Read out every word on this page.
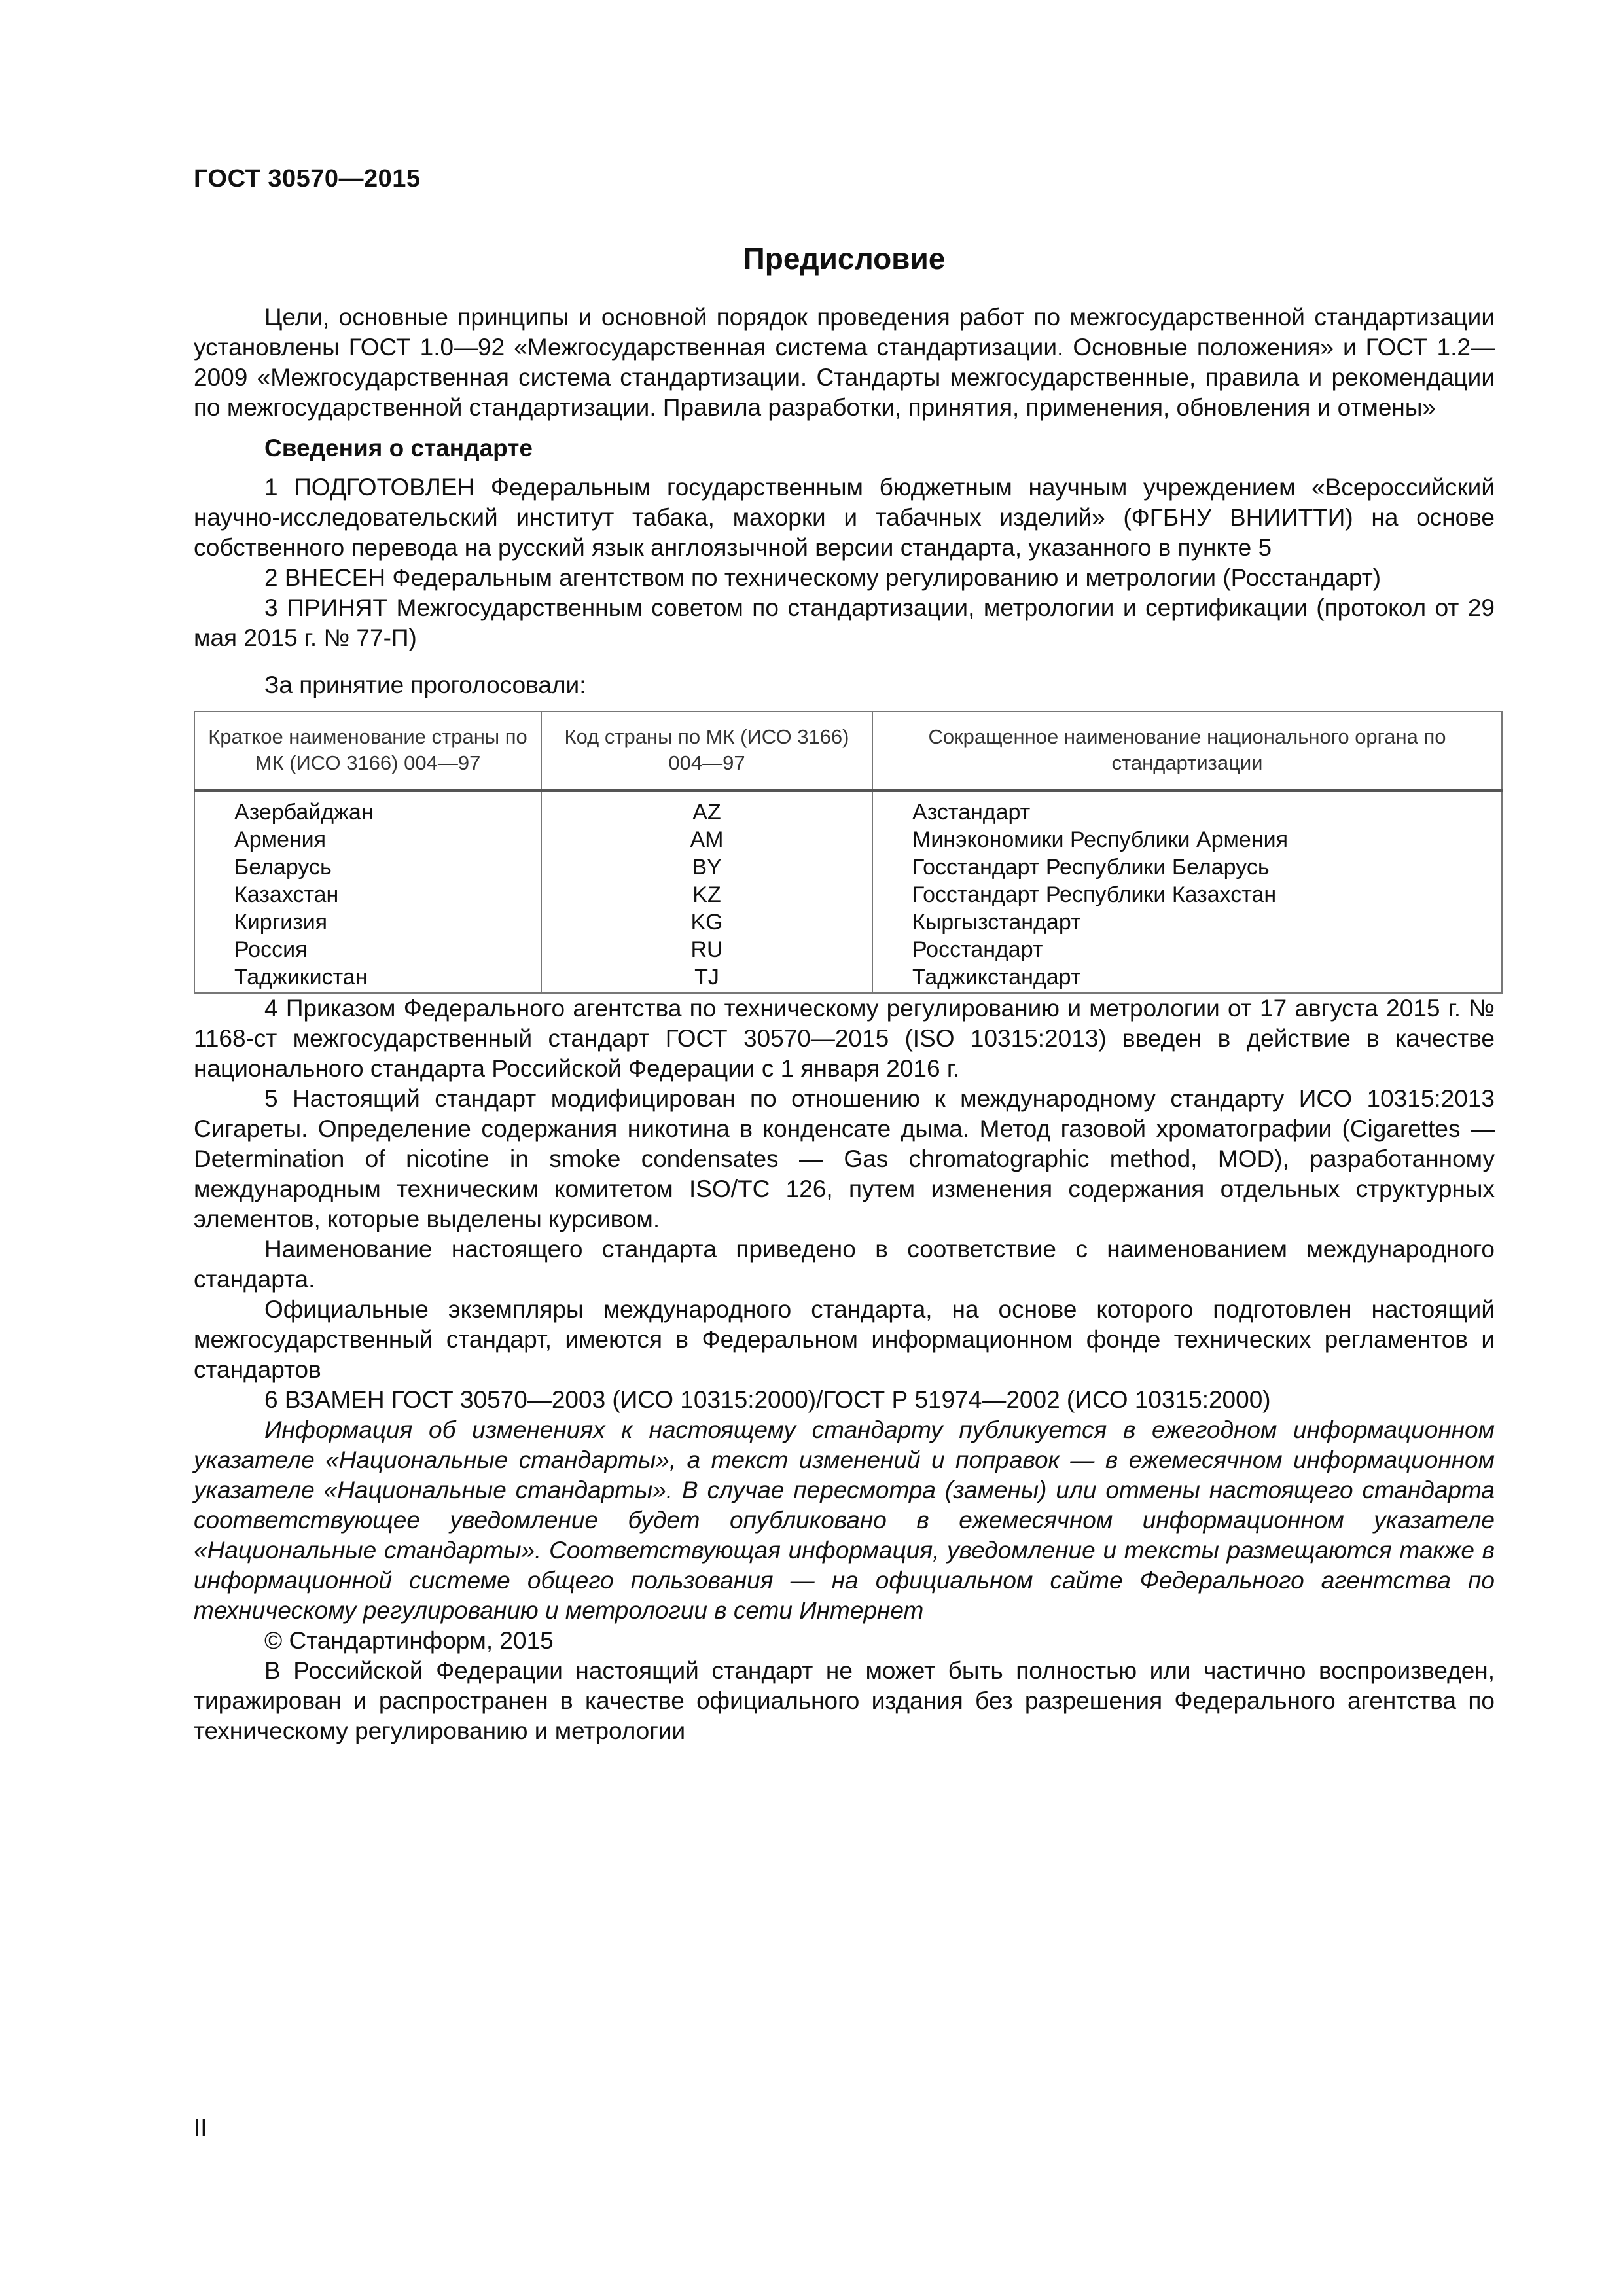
ГОСТ 30570—2015
Предисловие

Цели, основные принципы и основной порядок проведения работ по межгосударственной стандартизации установлены ГОСТ 1.0—92 «Межгосударственная система стандартизации. Основные положения» и ГОСТ 1.2—2009 «Межгосударственная система стандартизации. Стандарты межгосударственные, правила и рекомендации по межгосударственной стандартизации. Правила разработки, принятия, применения, обновления и отмены»

Сведения о стандарте

1 ПОДГОТОВЛЕН Федеральным государственным бюджетным научным учреждением «Всероссийский научно-исследовательский институт табака, махорки и табачных изделий» (ФГБНУ ВНИИТТИ) на основе собственного перевода на русский язык англоязычной версии стандарта, указанного в пункте 5

2 ВНЕСЕН Федеральным агентством по техническому регулированию и метрологии (Росстандарт)

3 ПРИНЯТ Межгосударственным советом по стандартизации, метрологии и сертификации (протокол от 29 мая 2015 г. № 77-П)

За принятие проголосовали:

Краткое наименование страны по МК (ИСО 3166) 004—97	Код страны по МК (ИСО 3166) 004—97	Сокращенное наименование национального органа по стандартизации
Азербайджан	AZ	Азстандарт
Армения	AM	Минэкономики Республики Армения
Беларусь	BY	Госстандарт Республики Беларусь
Казахстан	KZ	Госстандарт Республики Казахстан
Киргизия	KG	Кыргызстандарт
Россия	RU	Росстандарт
Таджикистан	TJ	Таджикстандарт

4 Приказом Федерального агентства по техническому регулированию и метрологии от 17 августа 2015 г. № 1168-ст межгосударственный стандарт ГОСТ 30570—2015 (ISO 10315:2013) введен в действие в качестве национального стандарта Российской Федерации с 1 января 2016 г.

5 Настоящий стандарт модифицирован по отношению к международному стандарту ИСО 10315:2013 Сигареты. Определение содержания никотина в конденсате дыма. Метод газовой хроматографии (Cigarettes — Determination of nicotine in smoke condensates — Gas chromatographic method, MOD), разработанному международным техническим комитетом ISO/TC 126, путем изменения содержания отдельных структурных элементов, которые выделены курсивом.

Наименование настоящего стандарта приведено в соответствие с наименованием международного стандарта.

Официальные экземпляры международного стандарта, на основе которого подготовлен настоящий межгосударственный стандарт, имеются в Федеральном информационном фонде технических регламентов и стандартов

6 ВЗАМЕН ГОСТ 30570—2003 (ИСО 10315:2000)/ГОСТ Р 51974—2002 (ИСО 10315:2000)

Информация об изменениях к настоящему стандарту публикуется в ежегодном информационном указателе «Национальные стандарты», а текст изменений и поправок — в ежемесячном информационном указателе «Национальные стандарты». В случае пересмотра (замены) или отмены настоящего стандарта соответствующее уведомление будет опубликовано в ежемесячном информационном указателе «Национальные стандарты». Соответствующая информация, уведомление и тексты размещаются также в информационной системе общего пользования — на официальном сайте Федерального агентства по техническому регулированию и метрологии в сети Интернет

© Стандартинформ, 2015

В Российской Федерации настоящий стандарт не может быть полностью или частично воспроизведен, тиражирован и распространен в качестве официального издания без разрешения Федерального агентства по техническому регулированию и метрологии

II
